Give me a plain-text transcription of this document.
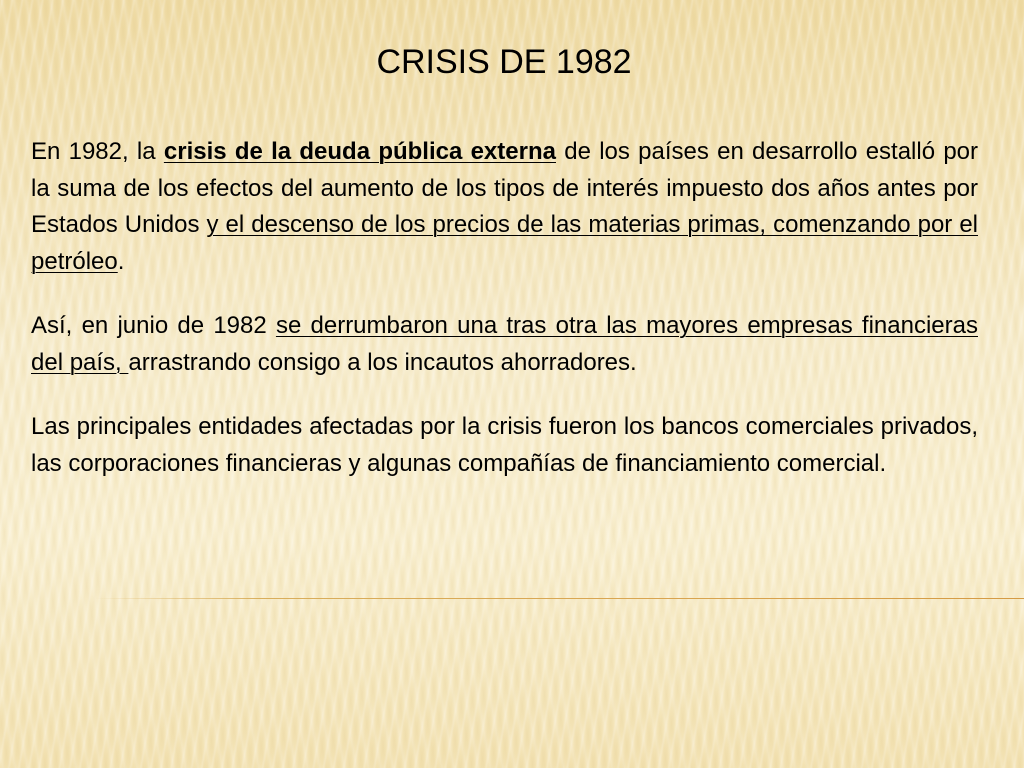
CRISIS DE 1982

En 1982, la crisis de la deuda pública externa de los países en desarrollo estalló por la suma de los efectos del aumento de los tipos de interés impuesto dos años antes por Estados Unidos y el descenso de los precios de las materias primas, comenzando por el petróleo.

Así, en junio de 1982 se derrumbaron una tras otra las mayores empresas financieras del país, arrastrando consigo a los incautos ahorradores.

Las principales entidades afectadas por la crisis fueron los bancos comerciales privados, las corporaciones financieras y algunas compañías de financiamiento comercial.
